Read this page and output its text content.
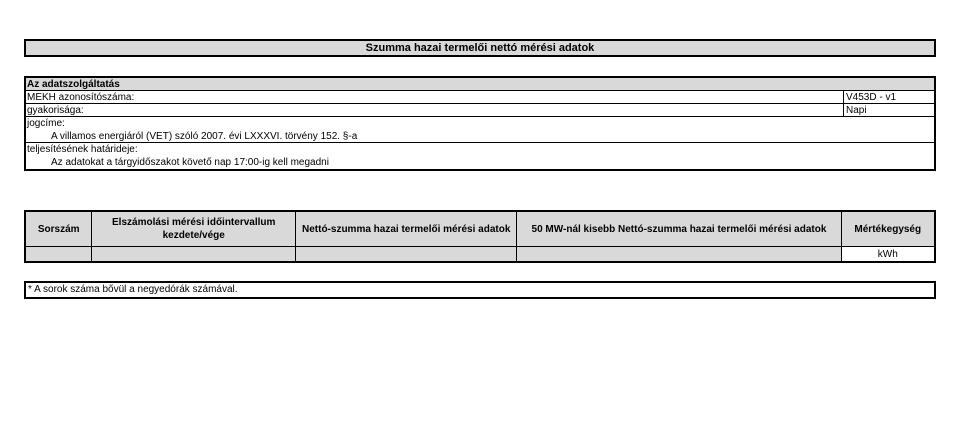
Szumma hazai termelői nettó mérési adatok
Az adatszolgáltatás
MEKH azonosítószáma:	V453D - v1
gyakorisága:	Napi
jogcíme:
A villamos energiáról (VET) szóló 2007. évi LXXXVI. törvény 152. §-a
teljesítésének határideje:
Az adatokat a tárgyidőszakot követő nap 17:00-ig kell megadni
Sorszám	Elszámolási mérési időintervallum kezdete/vége	Nettó-szumma hazai termelői mérési adatok	50 MW-nál kisebb Nettó-szumma hazai termelői mérési adatok	Mértékegység
				kWh
* A sorok száma bővül a negyedórák számával.
